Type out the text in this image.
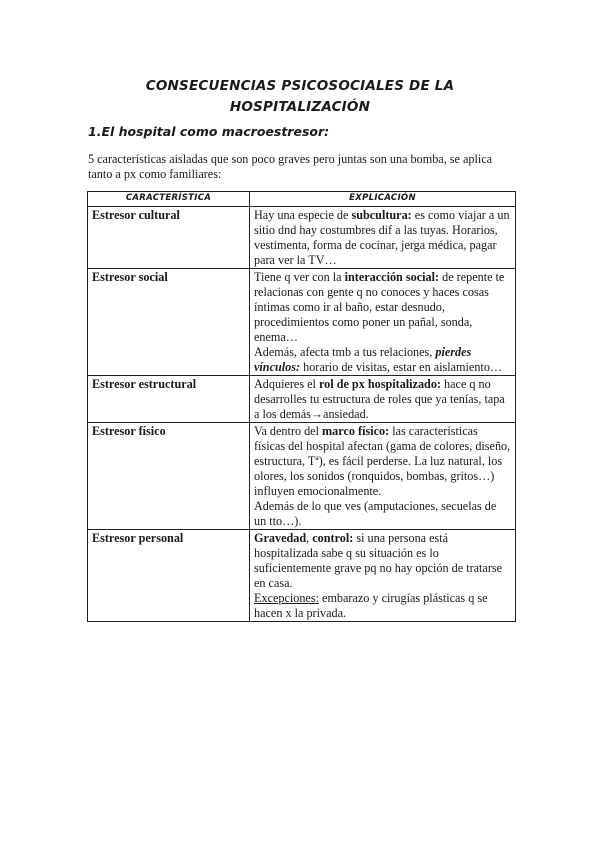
CONSECUENCIAS PSICOSOCIALES DE LA
HOSPITALIZACIÓN
1.El hospital como macroestresor:
5 características aisladas que son poco graves pero juntas son una bomba, se aplica tanto a px como familiares:
CARACTERÍSTICA	EXPLICACIÓN
Estresor cultural	Hay una especie de subcultura: es como viajar a un sitio dnd hay costumbres dif a las tuyas. Horarios, vestimenta, forma de cocinar, jerga médica, pagar para ver la TV…
Estresor social	Tiene q ver con la interacción social: de repente te relacionas con gente q no conoces y haces cosas íntimas como ir al baño, estar desnudo, procedimientos como poner un pañal, sonda, enema…
Además, afecta tmb a tus relaciones, pierdes vínculos: horario de visitas, estar en aislamiento…
Estresor estructural	Adquieres el rol de px hospitalizado: hace q no desarrolles tu estructura de roles que ya tenías, tapa a los demás→ansiedad.
Estresor físico	Va dentro del marco físico: las características físicas del hospital afectan (gama de colores, diseño, estructura, Tª), es fácil perderse. La luz natural, los olores, los sonidos (ronquidos, bombas, gritos…) influyen emocionalmente.
Además de lo que ves (amputaciones, secuelas de un tto…).
Estresor personal	Gravedad, control: si una persona está hospitalizada sabe q su situación es lo suficientemente grave pq no hay opción de tratarse en casa.
Excepciones: embarazo y cirugías plásticas q se hacen x la privada.
